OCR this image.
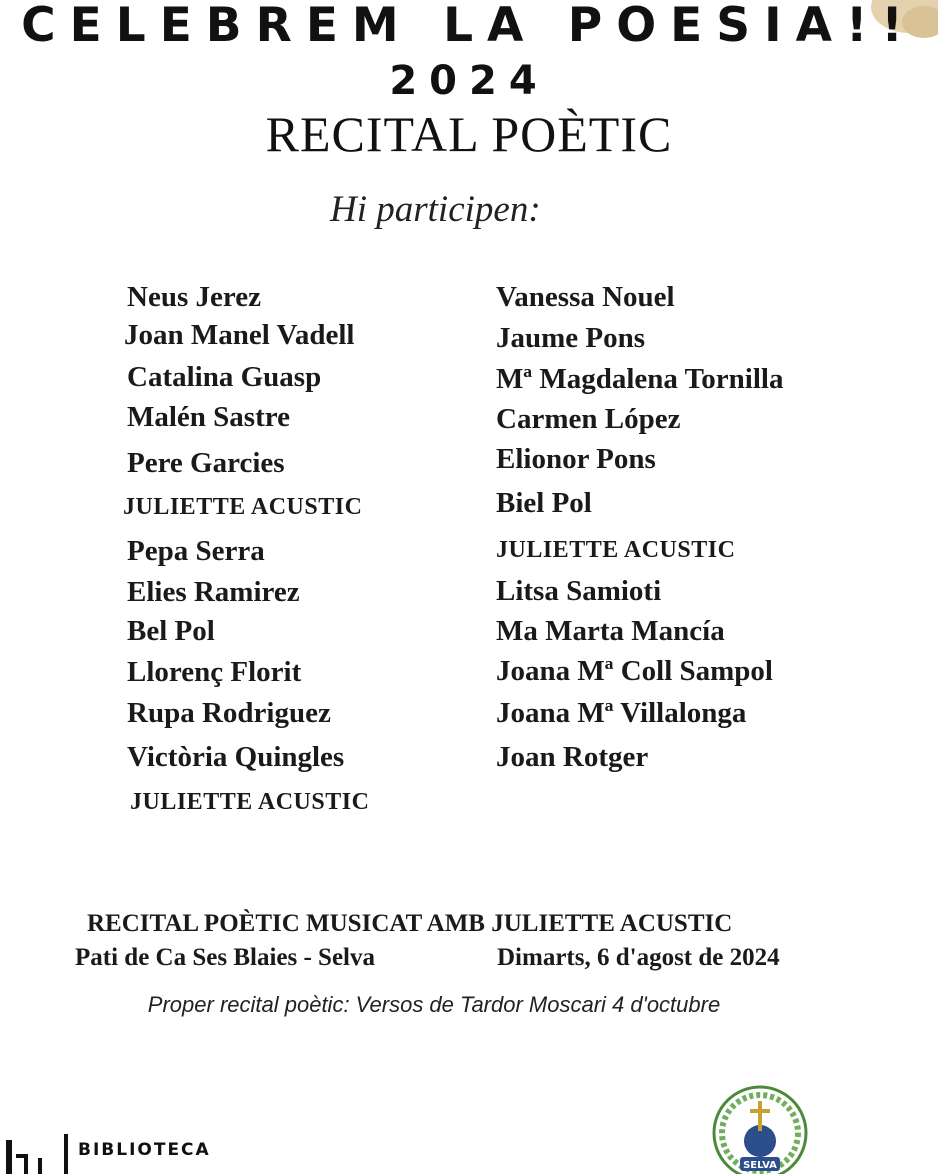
CELEBREM LA POESIA!!
2024
RECITAL POÈTIC
Hi participen:
Neus Jerez
Joan Manel Vadell
Catalina Guasp
Malén Sastre
Pere Garcies
JULIETTE ACUSTIC
Pepa Serra
Elies Ramirez
Bel Pol
Llorenç Florit
Rupa Rodriguez
Victòria Quingles
JULIETTE ACUSTIC
Vanessa Nouel
Jaume Pons
Mª Magdalena Tornilla
Carmen López
Elionor Pons
Biel Pol
JULIETTE ACUSTIC
Litsa Samioti
Ma Marta Mancía
Joana Mª Coll Sampol
Joana Mª Villalonga
Joan Rotger
RECITAL POÈTIC MUSICAT AMB JULIETTE ACUSTIC
Pati de Ca Ses Blaies - Selva	Dimarts, 6 d'agost de 2024
Proper recital poètic: Versos de Tardor Moscari 4 d'octubre
BIBLIOTECA
SELVA
